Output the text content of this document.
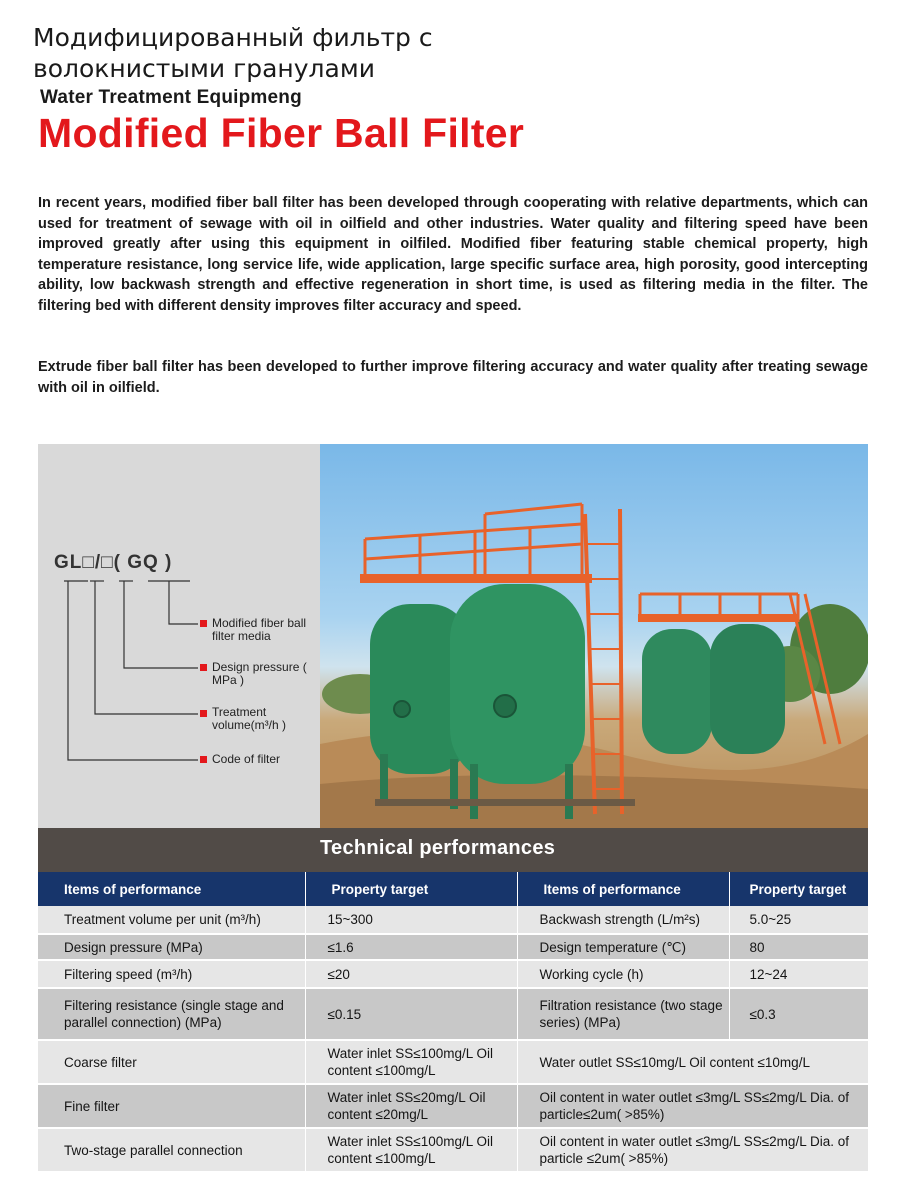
Модифицированный фильтр с волокнистыми гранулами
Water Treatment Equipmeng
Modified Fiber Ball Filter

In recent years, modified fiber ball filter has been developed through cooperating with relative departments, which can used for treatment of sewage with oil in oilfield and other industries. Water quality and filtering speed have been improved greatly after using this equipment in oilfiled. Modified fiber featuring stable chemical property, high temperature resistance, long service life, wide application, large specific surface area, high porosity, good intercepting ability, low backwash strength and effective regeneration in short time, is used as filtering media in the filter. The filtering bed with different density improves filter accuracy and speed.

Extrude fiber ball filter has been developed to further improve filtering accuracy and water quality after treating sewage with oil in oilfield.

GL□/□( GQ )
Modified fiber ball filter media
Design pressure ( MPa )
Treatment volume(m³/h )
Code of filter
Technical performances
Items of performance	Property target	Items of performance	Property target
Treatment volume per unit (m³/h)	15~300	Backwash strength (L/m²s)	5.0~25
Design pressure (MPa)	≤1.6	Design temperature (℃)	80
Filtering speed (m³/h)	≤20	Working cycle (h)	12~24
Filtering resistance (single stage and parallel connection) (MPa)	≤0.15	Filtration resistance (two stage series) (MPa)	≤0.3
Coarse filter	Water inlet SS≤100mg/L Oil content ≤100mg/L	Water outlet SS≤10mg/L Oil content ≤10mg/L	
Fine filter	Water inlet SS≤20mg/L Oil content ≤20mg/L	Oil content in water outlet ≤3mg/L SS≤2mg/L Dia. of particle≤2um( >85%)	
Two-stage parallel connection	Water inlet SS≤100mg/L Oil content ≤100mg/L	Oil content in water outlet ≤3mg/L SS≤2mg/L Dia. of particle ≤2um( >85%)	
